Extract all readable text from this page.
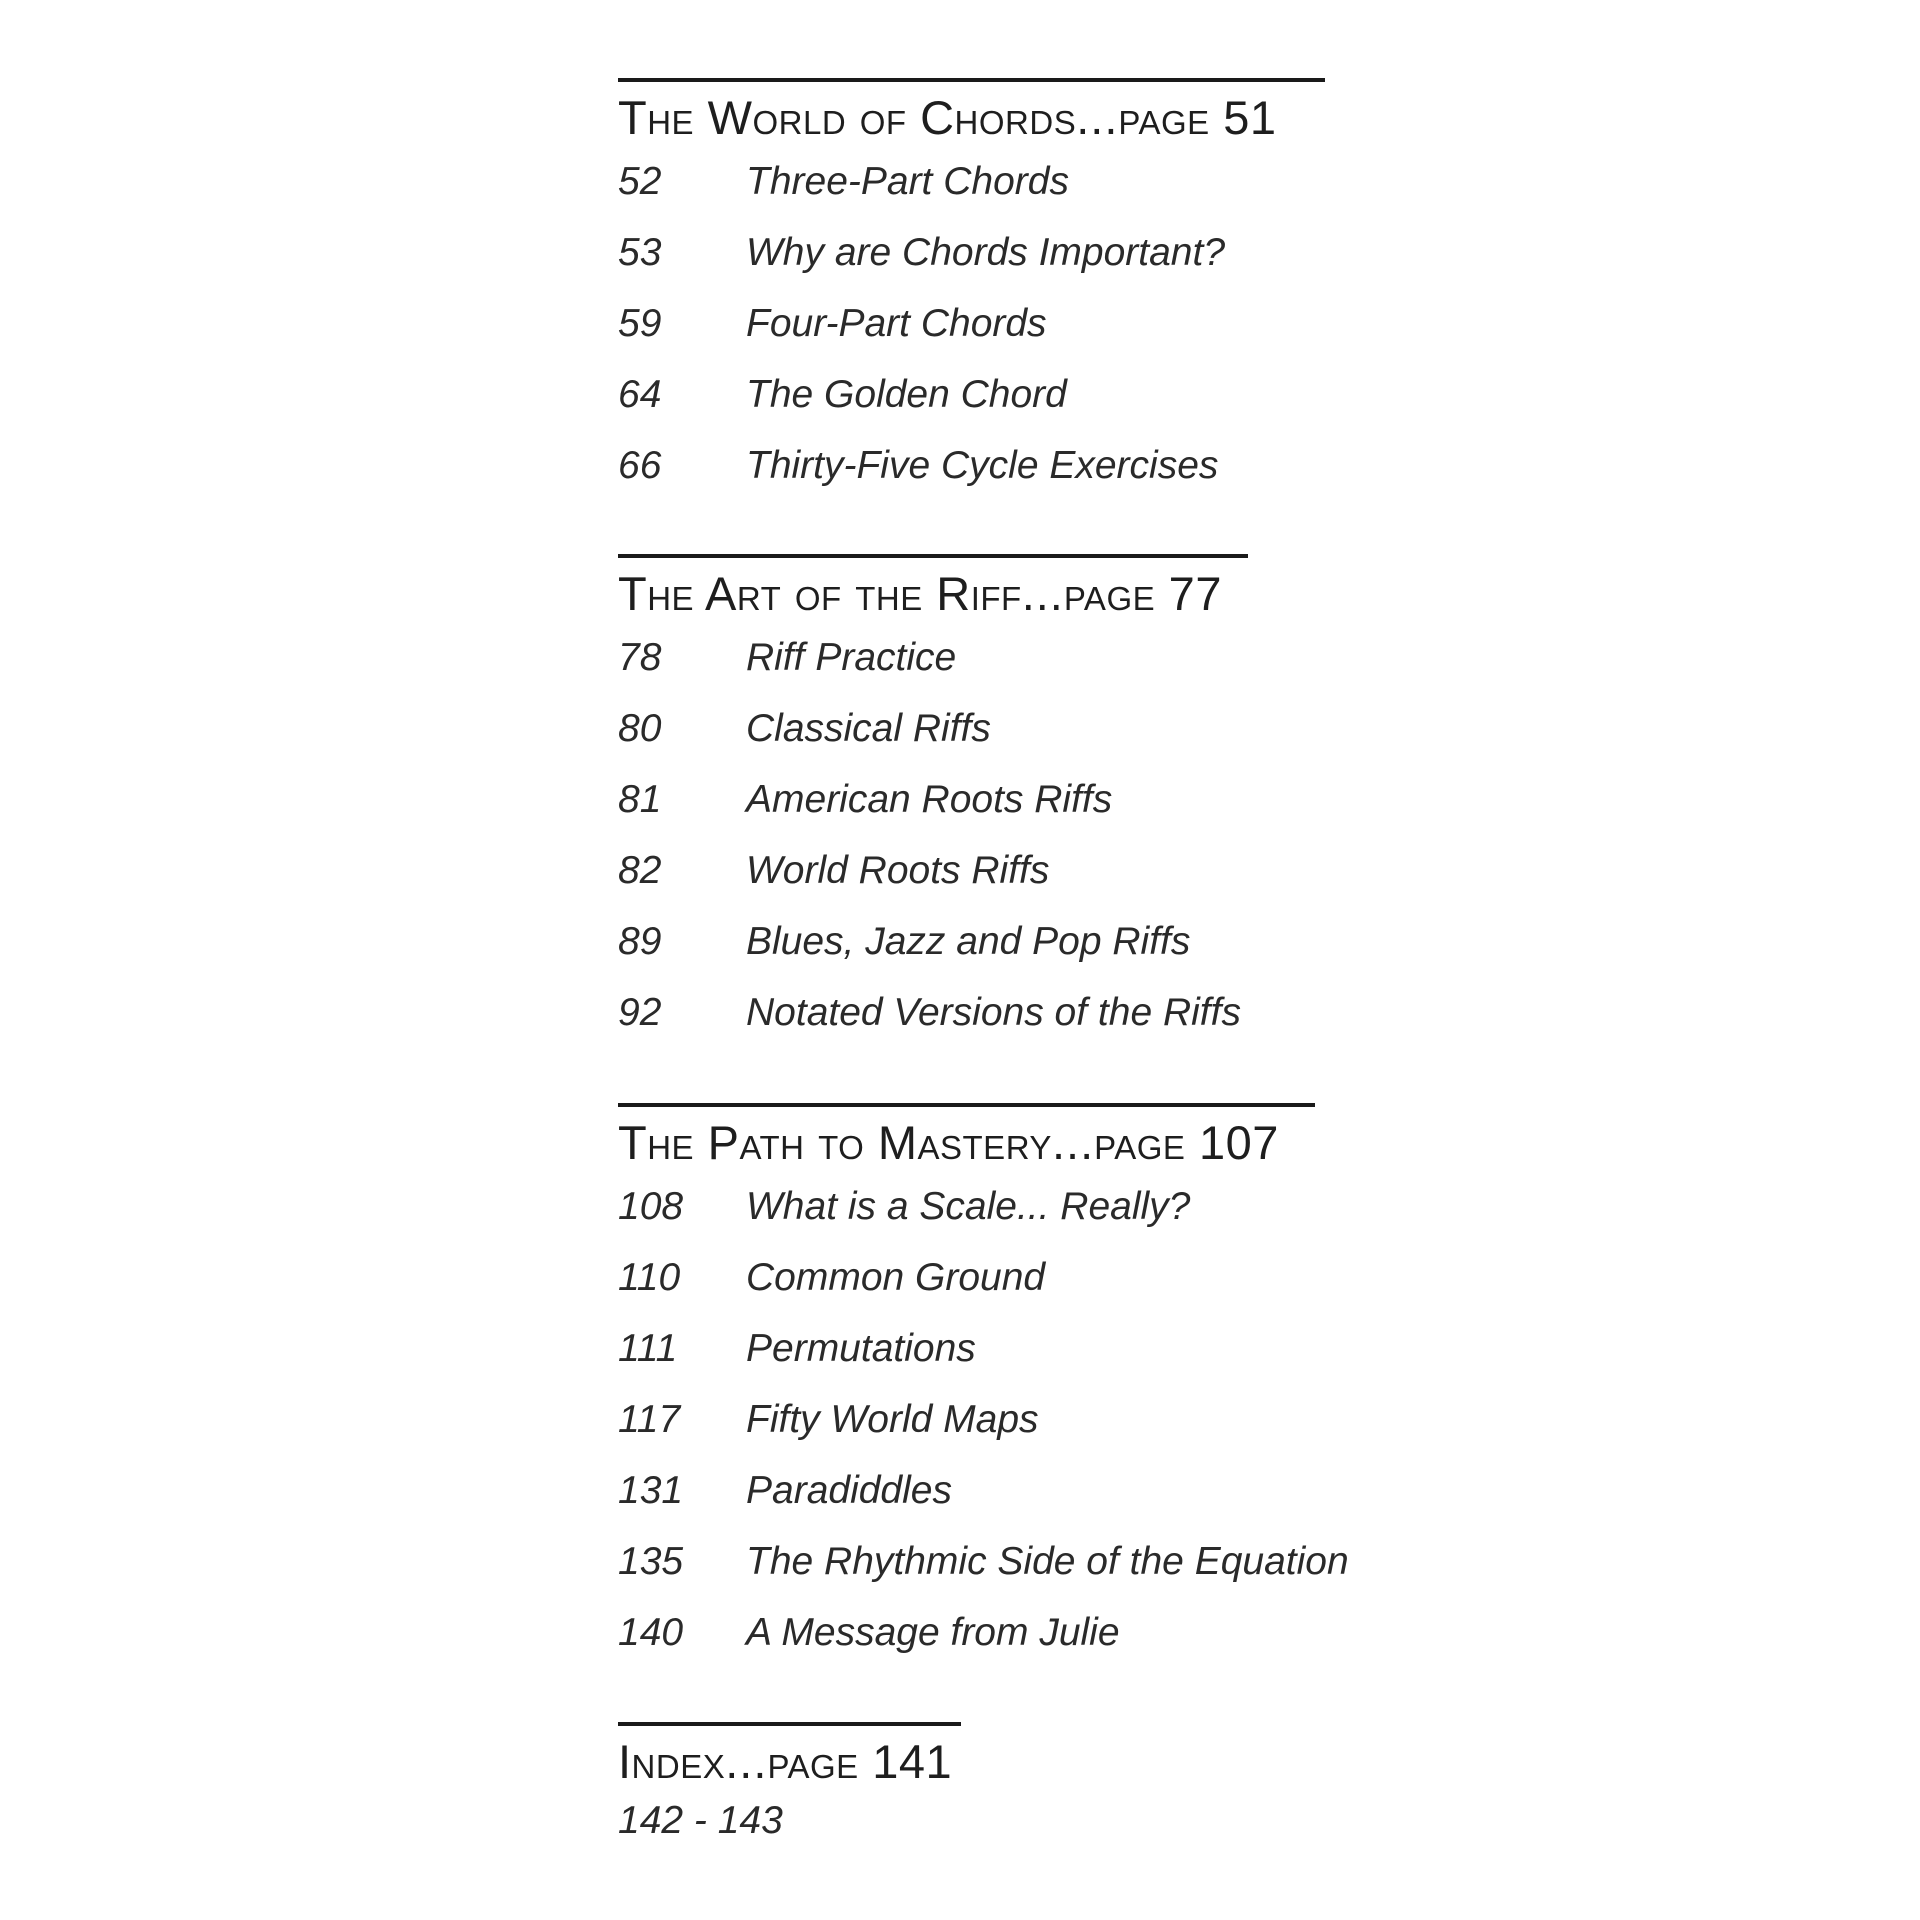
The World of Chords...page 51
52 Three-Part Chords
53 Why are Chords Important?
59 Four-Part Chords
64 The Golden Chord
66 Thirty-Five Cycle Exercises
The Art of the Riff...page 77
78 Riff Practice
80 Classical Riffs
81 American Roots Riffs
82 World Roots Riffs
89 Blues, Jazz and Pop Riffs
92 Notated Versions of the Riffs
The Path to Mastery...page 107
108 What is a Scale... Really?
110 Common Ground
111 Permutations
117 Fifty World Maps
131 Paradiddles
135 The Rhythmic Side of the Equation
140 A Message from Julie
Index...page 141
142 - 143
